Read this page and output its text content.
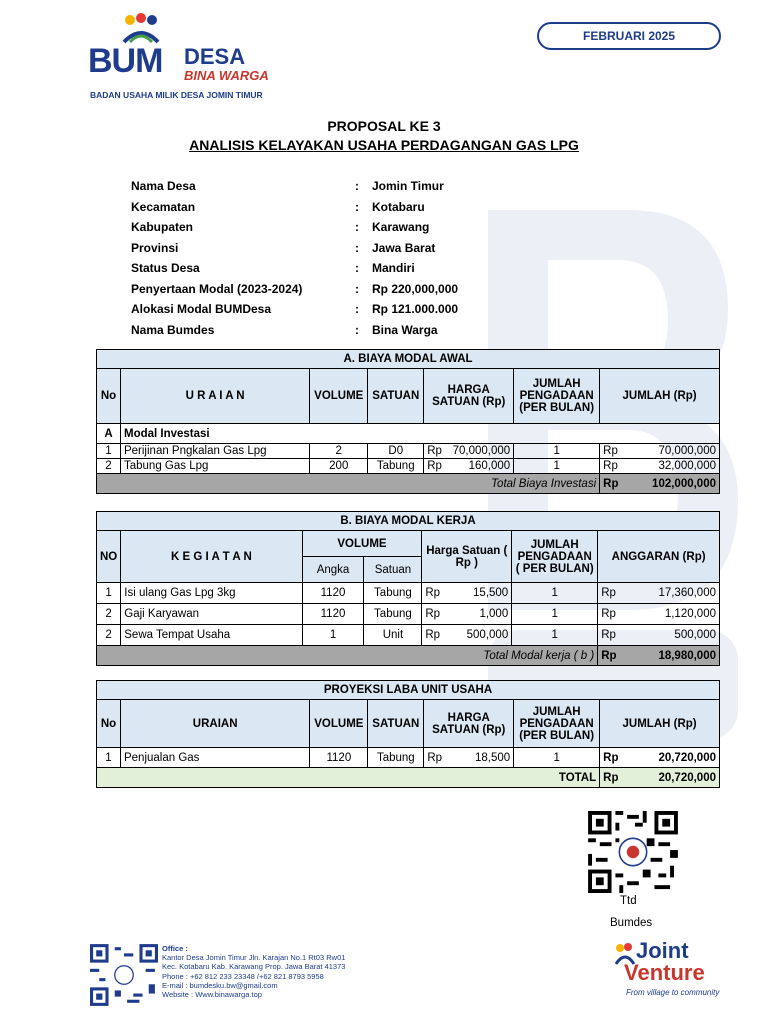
BUM DESA
BINA WARGA
BADAN USAHA MILIK DESA JOMIN TIMUR
FEBRUARI 2025
PROPOSAL KE 3
ANALISIS KELAYAKAN USAHA PERDAGANGAN GAS LPG
Nama Desa	:	Jomin Timur
Kecamatan	:	Kotabaru
Kabupaten	:	Karawang
Provinsi	:	Jawa Barat
Status Desa	:	Mandiri
Penyertaan Modal (2023-2024)	:	Rp 220,000,000
Alokasi Modal BUMDesa	:	Rp 121.000.000
Nama Bumdes	:	Bina Warga
A. BIAYA MODAL AWAL						
No	U R A I A N	VOLUME	SATUAN	HARGA SATUAN (Rp)	JUMLAH PENGADAAN (PER BULAN)	JUMLAH (Rp)
A	Modal Investasi					
1	Perijinan Pngkalan Gas Lpg	2	D0	Rp 70,000,000	1	Rp 70,000,000

2	Tabung Gas Lpg	200	Tabung	Rp 160,000	1	Rp 32,000,000

Total Biaya Investasi						Rp 102,000,000
B. BIAYA MODAL KERJA						
NO	K E G I A T A N	VOLUME		Harga Satuan ( Rp )	JUMLAH PENGADAAN ( PER BULAN)	ANGGARAN (Rp)
		Angka	Satuan			
1	Isi ulang Gas Lpg 3kg	1120	Tabung	Rp 15,500	1	Rp 17,360,000

2	Gaji Karyawan	1120	Tabung	Rp 1,000	1	Rp 1,120,000

2	Sewa Tempat Usaha	1	Unit	Rp 500,000	1	Rp 500,000

Total Modal kerja ( b )						Rp 18,980,000
PROYEKSI LABA UNIT USAHA						
No	URAIAN	VOLUME	SATUAN	HARGA SATUAN (Rp)	JUMLAH PENGADAAN (PER BULAN)	JUMLAH (Rp)
1	Penjualan Gas	1120	Tabung	Rp 18,500	1	Rp 20,720,000

TOTAL						Rp 20,720,000
Ttd
Bumdes
Office :
Kantor Desa Jomin Timur Jln. Karajan No.1 Rt03 Rw01
Kec. Kotabaru Kab. Karawang Prop. Jawa Barat 41373
Phone : +62 812 233 23348 /+62 821 8793 5958
E-mail : bumdesku.bw@gmail.com
Website : Www.binawarga.top
Joint
Venture
From village to community
